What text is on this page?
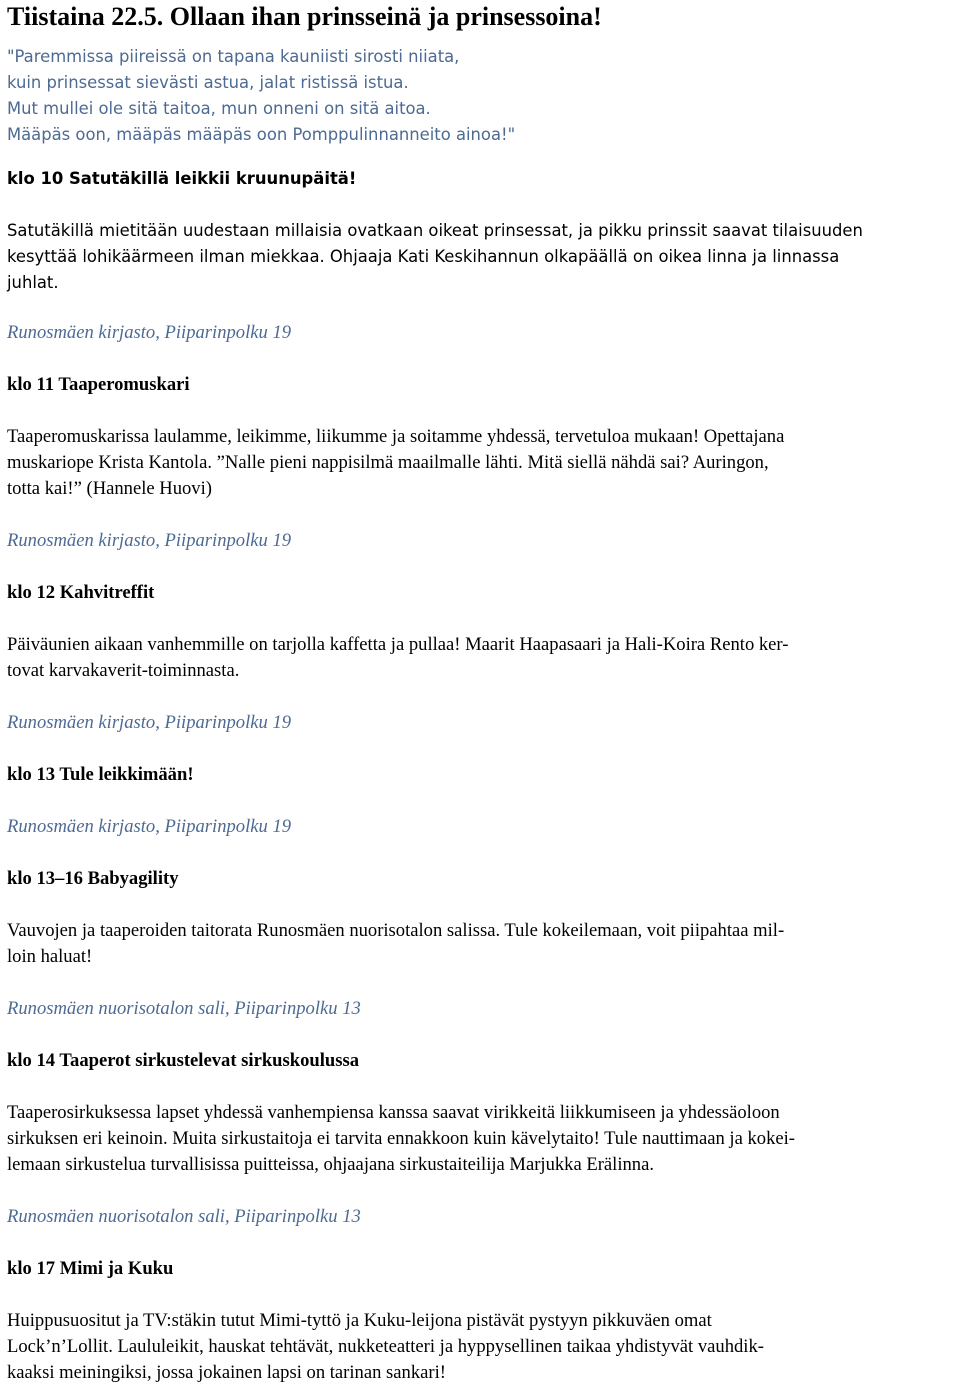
Tiistaina 22.5. Ollaan ihan prinsseinä ja prinsessoina!
"Paremmissa piireissä on tapana kauniisti sirosti niiata,
kuin prinsessat sievästi astua, jalat ristissä istua.
Mut mullei ole sitä taitoa, mun onneni on sitä aitoa.
Määpäs oon, määpäs määpäs oon Pomppulinnanneito ainoa!"
klo 10 Satutäkillä leikkii kruunupäitä!
Satutäkillä mietitään uudestaan millaisia ovatkaan oikeat prinsessat, ja pikku prinssit saavat tilaisuuden
kesyttää lohikäärmeen ilman miekkaa. Ohjaaja Kati Keskihannun olkapäällä on oikea linna ja linnassa
juhlat.
Runosmäen kirjasto, Piiparinpolku 19
klo 11 Taaperomuskari
Taaperomuskarissa laulamme, leikimme, liikumme ja soitamme yhdessä, tervetuloa mukaan! Opettajana
muskariope Krista Kantola. ”Nalle pieni nappisilmä maailmalle lähti. Mitä siellä nähdä sai? Auringon,
totta kai!” (Hannele Huovi)
Runosmäen kirjasto, Piiparinpolku 19
klo 12 Kahvitreffit
Päiväunien aikaan vanhemmille on tarjolla kaffetta ja pullaa! Maarit Haapasaari ja Hali-Koira Rento ker-
tovat karvakaverit-toiminnasta.
Runosmäen kirjasto, Piiparinpolku 19
klo 13 Tule leikkimään!
Runosmäen kirjasto, Piiparinpolku 19
klo 13–16 Babyagility
Vauvojen ja taaperoiden taitorata Runosmäen nuorisotalon salissa. Tule kokeilemaan, voit piipahtaa mil-
loin haluat!
Runosmäen nuorisotalon sali, Piiparinpolku 13
klo 14 Taaperot sirkustelevat sirkuskoulussa
Taaperosirkuksessa lapset yhdessä vanhempiensa kanssa saavat virikkeitä liikkumiseen ja yhdessäoloon
sirkuksen eri keinoin. Muita sirkustaitoja ei tarvita ennakkoon kuin kävelytaito! Tule nauttimaan ja kokei-
lemaan sirkustelua turvallisissa puitteissa, ohjaajana sirkustaiteilija Marjukka Erälinna.
Runosmäen nuorisotalon sali, Piiparinpolku 13
klo 17 Mimi ja Kuku
Huippusuositut ja TV:stäkin tutut Mimi-tyttö ja Kuku-leijona pistävät pystyyn pikkuväen omat
Lock’n’Lollit. Laululeikit, hauskat tehtävät, nukketeatteri ja hyppysellinen taikaa yhdistyvät vauhdik-
kaaksi meiningiksi, jossa jokainen lapsi on tarinan sankari!
